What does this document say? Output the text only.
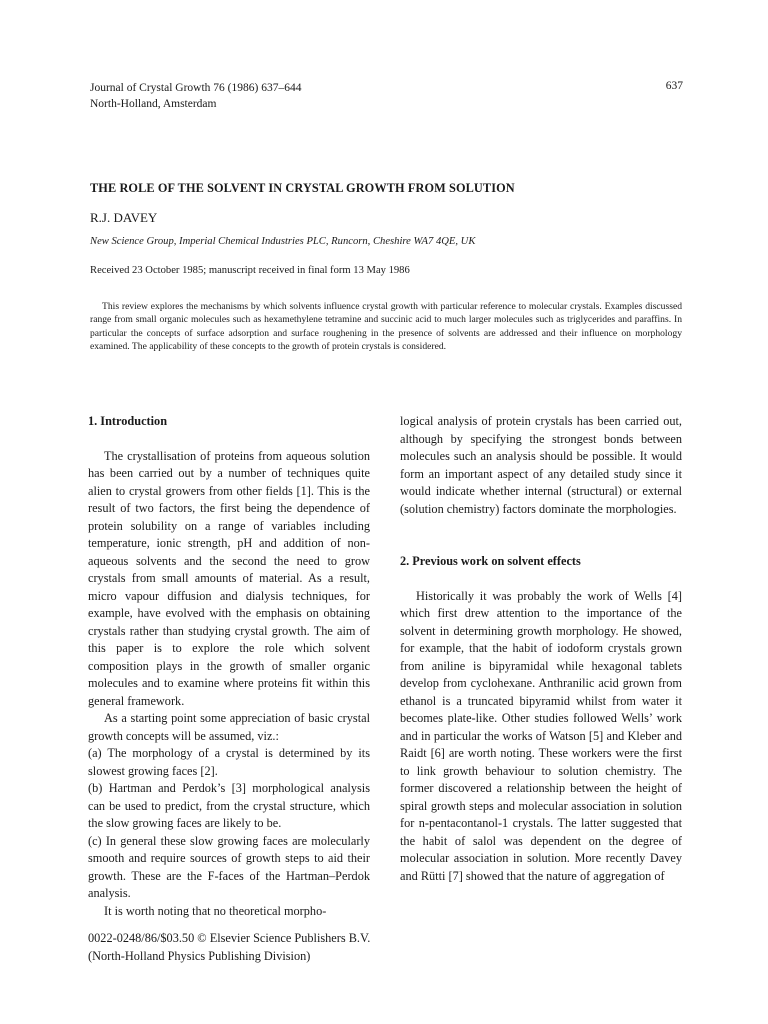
Journal of Crystal Growth 76 (1986) 637–644
North-Holland, Amsterdam
637
THE ROLE OF THE SOLVENT IN CRYSTAL GROWTH FROM SOLUTION
R.J. DAVEY
New Science Group, Imperial Chemical Industries PLC, Runcorn, Cheshire WA7 4QE, UK
Received 23 October 1985; manuscript received in final form 13 May 1986

This review explores the mechanisms by which solvents influence crystal growth with particular reference to molecular crystals. Examples discussed range from small organic molecules such as hexamethylene tetramine and succinic acid to much larger molecules such as triglycerides and paraffins. In particular the concepts of surface adsorption and surface roughening in the presence of solvents are addressed and their influence on morphology examined. The applicability of these concepts to the growth of protein crystals is considered.

1. Introduction

The crystallisation of proteins from aqueous solution has been carried out by a number of techniques quite alien to crystal growers from other fields [1]. This is the result of two factors, the first being the dependence of protein solubility on a range of variables including temperature, ionic strength, pH and addition of non-aqueous solvents and the second the need to grow crystals from small amounts of material. As a result, micro vapour diffusion and dialysis techniques, for example, have evolved with the emphasis on obtaining crystals rather than studying crystal growth. The aim of this paper is to explore the role which solvent composition plays in the growth of smaller organic molecules and to examine where proteins fit within this general framework.

As a starting point some appreciation of basic crystal growth concepts will be assumed, viz.:

(a) The morphology of a crystal is determined by its slowest growing faces [2].

(b) Hartman and Perdok’s [3] morphological analysis can be used to predict, from the crystal structure, which the slow growing faces are likely to be.

(c) In general these slow growing faces are molecularly smooth and require sources of growth steps to aid their growth. These are the F-faces of the Hartman–Perdok analysis.

It is worth noting that no theoretical morpho-

logical analysis of protein crystals has been carried out, although by specifying the strongest bonds between molecules such an analysis should be possible. It would form an important aspect of any detailed study since it would indicate whether internal (structural) or external (solution chemistry) factors dominate the morphologies.

2. Previous work on solvent effects

Historically it was probably the work of Wells [4] which first drew attention to the importance of the solvent in determining growth morphology. He showed, for example, that the habit of iodoform crystals grown from aniline is bipyramidal while hexagonal tablets develop from cyclohexane. Anthranilic acid grown from ethanol is a truncated bipyramid whilst from water it becomes plate-like. Other studies followed Wells’ work and in particular the works of Watson [5] and Kleber and Raidt [6] are worth noting. These workers were the first to link growth behaviour to solution chemistry. The former discovered a relationship between the height of spiral growth steps and molecular association in solution for n-pentacontanol-1 crystals. The latter suggested that the habit of salol was dependent on the degree of molecular association in solution. More recently Davey and Rütti [7] showed that the nature of aggregation of

0022-0248/86/$03.50 © Elsevier Science Publishers B.V.
(North-Holland Physics Publishing Division)
